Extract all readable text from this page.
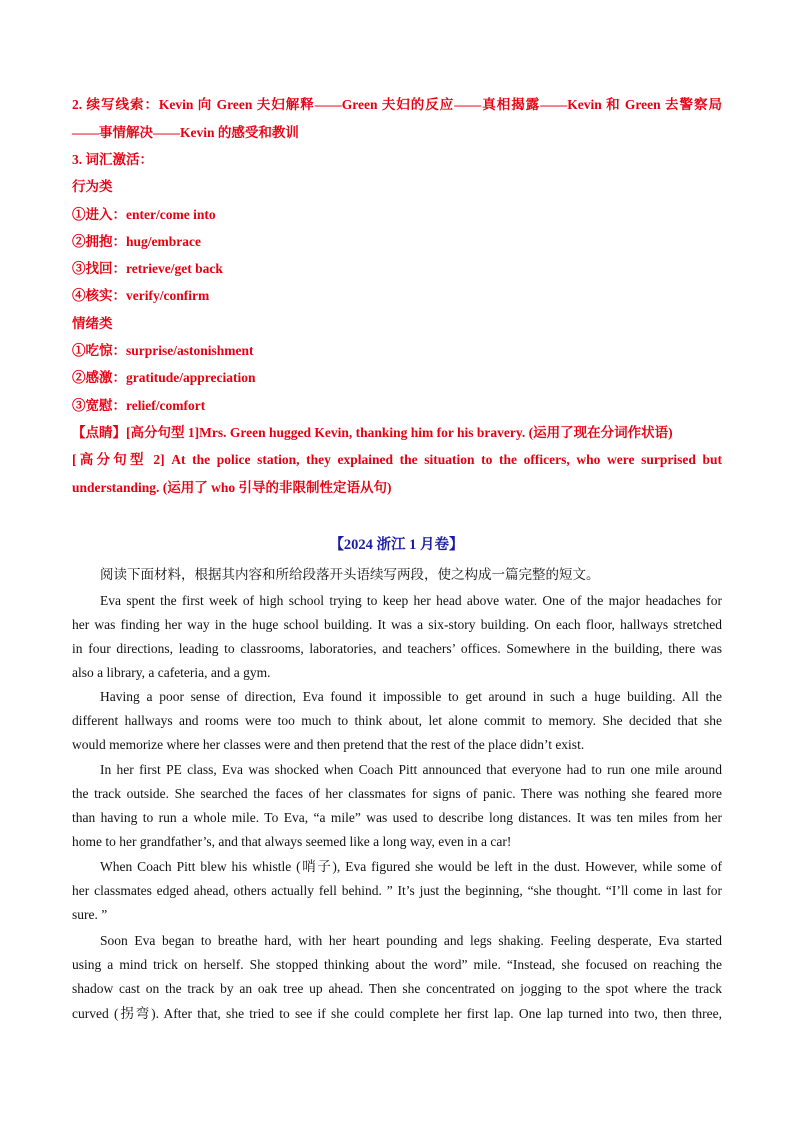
2. 续写线索：Kevin 向 Green 夫妇解释——Green 夫妇的反应——真相揭露——Kevin 和 Green 去警察局
——事情解决——Kevin 的感受和教训
3. 词汇激活：
行为类
①进入：enter/come into
②拥抱：hug/embrace
③找回：retrieve/get back
④核实：verify/confirm
情绪类
①吃惊：surprise/astonishment
②感激：gratitude/appreciation
③宽慰：relief/comfort
【点睛】[高分句型 1]Mrs. Green hugged Kevin, thanking him for his bravery. (运用了现在分词作状语)
[高分句型 2] At the police station, they explained the situation to the officers, who were surprised but
understanding. (运用了 who 引导的非限制性定语从句)
【2024 浙江 1 月卷】
阅读下面材料，根据其内容和所给段落开头语续写两段，使之构成一篇完整的短文。
Eva spent the first week of high school trying to keep her head above water. One of the major headaches for
her was finding her way in the huge school building. It was a six-story building. On each floor, hallways stretched
in four directions, leading to classrooms, laboratories, and teachers’ offices. Somewhere in the building, there was
also a library, a cafeteria, and a gym.
Having a poor sense of direction, Eva found it impossible to get around in such a huge building. All the
different hallways and rooms were too much to think about, let alone commit to memory. She decided that she
would memorize where her classes were and then pretend that the rest of the place didn’t exist.
In her first PE class, Eva was shocked when Coach Pitt announced that everyone had to run one mile around
the track outside. She searched the faces of her classmates for signs of panic. There was nothing she feared more
than having to run a whole mile. To Eva, “a mile” was used to describe long distances. It was ten miles from her
home to her grandfather’s, and that always seemed like a long way, even in a car!
When Coach Pitt blew his whistle (哨子), Eva figured she would be left in the dust. However, while some of
her classmates edged ahead, others actually fell behind. ” It’s just the beginning, “she thought. “I’ll come in last for
sure. ”
Soon Eva began to breathe hard, with her heart pounding and legs shaking. Feeling desperate, Eva started
using a mind trick on herself. She stopped thinking about the word” mile. “Instead, she focused on reaching the
shadow cast on the track by an oak tree up ahead. Then she concentrated on jogging to the spot where the track
curved (拐弯). After that, she tried to see if she could complete her first lap. One lap turned into two, then three,
